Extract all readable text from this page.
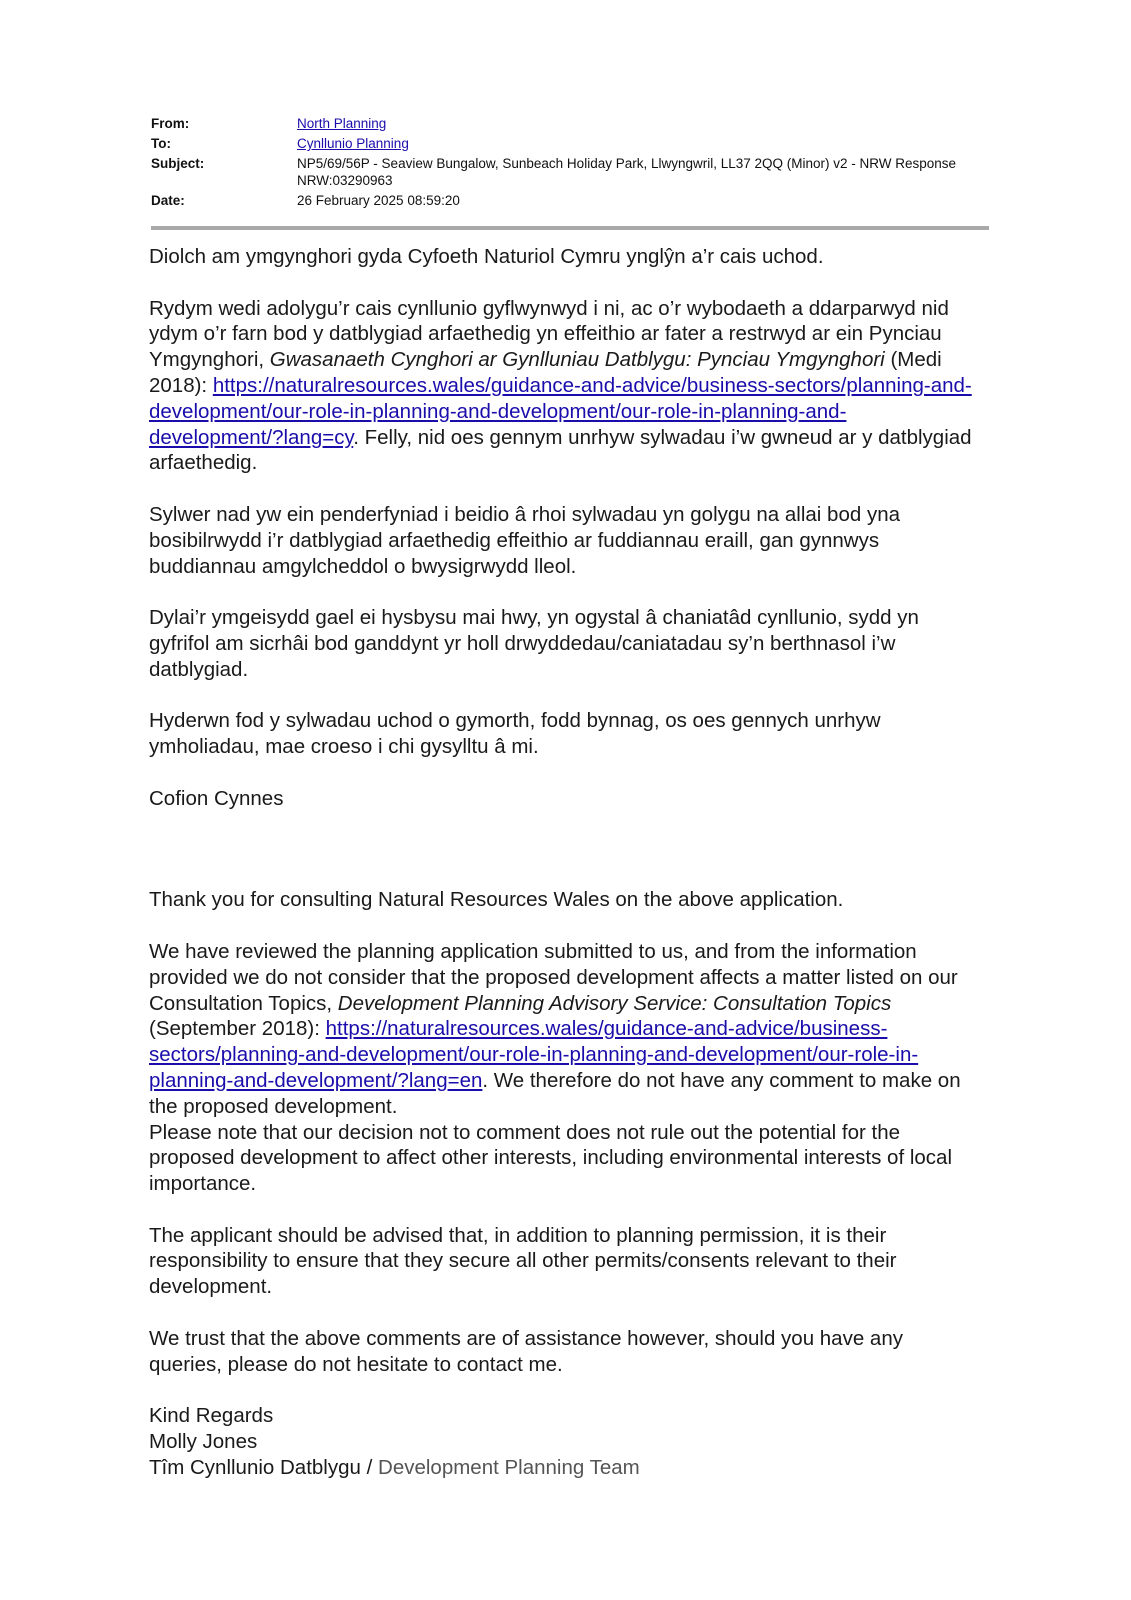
From:	North Planning
To:	Cynllunio Planning
Subject:	NP5/69/56P - Seaview Bungalow, Sunbeach Holiday Park, Llwyngwril, LL37 2QQ (Minor) v2 - NRW Response NRW:03290963
Date:	26 February 2025 08:59:20

Diolch am ymgynghori gyda Cyfoeth Naturiol Cymru ynglŷn a’r cais uchod.

Rydym wedi adolygu’r cais cynllunio gyflwynwyd i ni, ac o’r wybodaeth a ddarparwyd nid ydym o’r farn bod y datblygiad arfaethedig yn effeithio ar fater a restrwyd ar ein Pynciau Ymgynghori, Gwasanaeth Cynghori ar Gynlluniau Datblygu: Pynciau Ymgynghori (Medi 2018): https://naturalresources.wales/guidance-and-advice/business-sectors/planning-and-development/our-role-in-planning-and-development/our-role-in-planning-and-development/?lang=cy. Felly, nid oes gennym unrhyw sylwadau i’w gwneud ar y datblygiad arfaethedig.

Sylwer nad yw ein penderfyniad i beidio â rhoi sylwadau yn golygu na allai bod yna bosibilrwydd i’r datblygiad arfaethedig effeithio ar fuddiannau eraill, gan gynnwys buddiannau amgylcheddol o bwysigrwydd lleol.

Dylai’r ymgeisydd gael ei hysbysu mai hwy, yn ogystal â chaniatâd cynllunio, sydd yn gyfrifol am sicrhâi bod ganddynt yr holl drwyddedau/caniatadau sy’n berthnasol i’w datblygiad.

Hyderwn fod y sylwadau uchod o gymorth, fodd bynnag, os oes gennych unrhyw ymholiadau, mae croeso i chi gysylltu â mi.

Cofion Cynnes

Thank you for consulting Natural Resources Wales on the above application.

We have reviewed the planning application submitted to us, and from the information provided we do not consider that the proposed development affects a matter listed on our Consultation Topics, Development Planning Advisory Service: Consultation Topics (September 2018): https://naturalresources.wales/guidance-and-advice/business-sectors/planning-and-development/our-role-in-planning-and-development/our-role-in-planning-and-development/?lang=en. We therefore do not have any comment to make on the proposed development.

Please note that our decision not to comment does not rule out the potential for the proposed development to affect other interests, including environmental interests of local importance.

The applicant should be advised that, in addition to planning permission, it is their responsibility to ensure that they secure all other permits/consents relevant to their development.

We trust that the above comments are of assistance however, should you have any queries, please do not hesitate to contact me.

Kind Regards
Molly Jones
Tîm Cynllunio Datblygu / Development Planning Team
